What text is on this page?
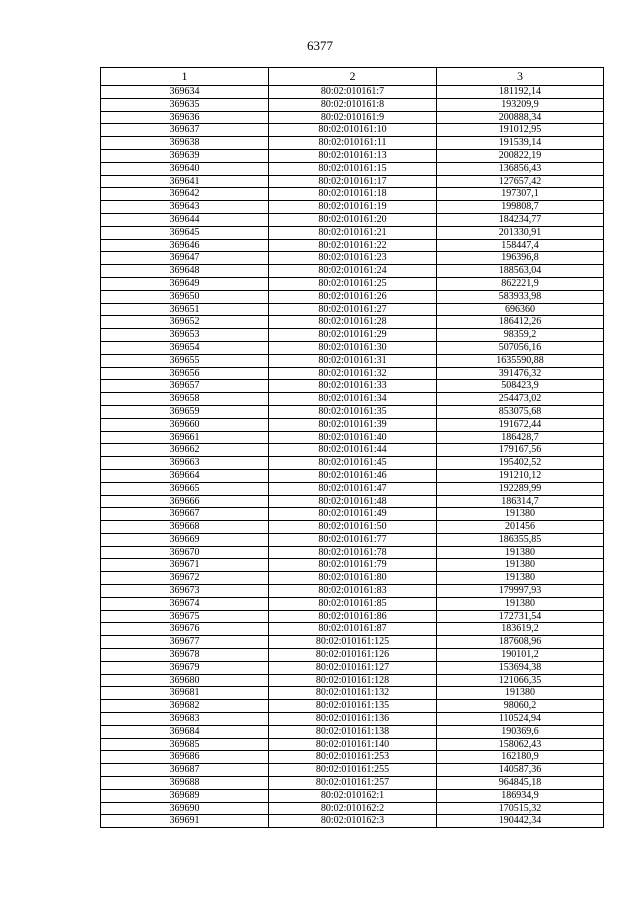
6377
1	2	3
369634	80:02:010161:7	181192,14
369635	80:02:010161:8	193209,9
369636	80:02:010161:9	200888,34
369637	80:02:010161:10	191012,95
369638	80:02:010161:11	191539,14
369639	80:02:010161:13	200822,19
369640	80:02:010161:15	136856,43
369641	80:02:010161:17	127657,42
369642	80:02:010161:18	197307,1
369643	80:02:010161:19	199808,7
369644	80:02:010161:20	184234,77
369645	80:02:010161:21	201330,91
369646	80:02:010161:22	158447,4
369647	80:02:010161:23	196396,8
369648	80:02:010161:24	188563,04
369649	80:02:010161:25	862221,9
369650	80:02:010161:26	583933,98
369651	80:02:010161:27	696360
369652	80:02:010161:28	186412,26
369653	80:02:010161:29	98359,2
369654	80:02:010161:30	507056,16
369655	80:02:010161:31	1635590,88
369656	80:02:010161:32	391476,32
369657	80:02:010161:33	508423,9
369658	80:02:010161:34	254473,02
369659	80:02:010161:35	853075,68
369660	80:02:010161:39	191672,44
369661	80:02:010161:40	186428,7
369662	80:02:010161:44	179167,56
369663	80:02:010161:45	195402,52
369664	80:02:010161:46	191210,12
369665	80:02:010161:47	192289,99
369666	80:02:010161:48	186314,7
369667	80:02:010161:49	191380
369668	80:02:010161:50	201456
369669	80:02:010161:77	186355,85
369670	80:02:010161:78	191380
369671	80:02:010161:79	191380
369672	80:02:010161:80	191380
369673	80:02:010161:83	179997,93
369674	80:02:010161:85	191380
369675	80:02:010161:86	172731,54
369676	80:02:010161:87	183619,2
369677	80:02:010161:125	187608,96
369678	80:02:010161:126	190101,2
369679	80:02:010161:127	153694,38
369680	80:02:010161:128	121066,35
369681	80:02:010161:132	191380
369682	80:02:010161:135	98060,2
369683	80:02:010161:136	110524,94
369684	80:02:010161:138	190369,6
369685	80:02:010161:140	158062,43
369686	80:02:010161:253	162180,9
369687	80:02:010161:255	140587,36
369688	80:02:010161:257	964845,18
369689	80:02:010162:1	186934,9
369690	80:02:010162:2	170515,32
369691	80:02:010162:3	190442,34
